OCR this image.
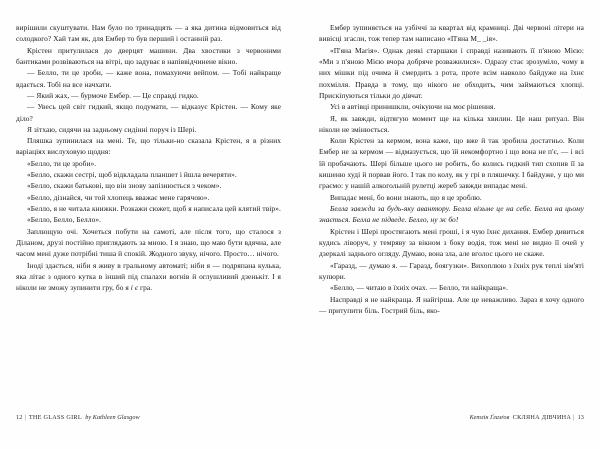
вирішили скуштувати. Нам було по тринадцять — а яка дитина відмовиться від солодкого? Хай там як, для Ембер то був перший і останній раз.

Крістен притулилася до дверцят машини. Два хвостики з червоними бантиками розвіваються на вітрі, що задуває в напіввідчинене вікно.

— Белло, ти це зроби, — каже вона, помахуючи вейпом. — Тобі найкраще вдається. Тобі на все начхати.

— Який жах, — бурмоче Ембер. — Це справді гидко.

— Увесь цей світ гидкий, якщо подумати, — відказує Крістен. — Кому яке діло?

Я зітхаю, сидячи на задньому сидінні поруч із Шері.

Пляшка зупинилася на мені. Те, що тільки-но сказала Крістен, я в різних варіаціях вислуховую щодня:

«Белло, ти це зроби».

«Белло, скажи сестрі, щоб відкладала планшет і йшла вечеряти».

«Белло, скажи батькові, що він знову запізнюється з чеком».

«Белло, дізнайся, чи той хлопець вважає мене гарячою».

«Белло, я не читала книжки. Розкажи сюжет, щоб я написала цей клятий твір».

«Белло, Белло, Белло».

Заплющую очі. Хочеться побути на самоті, але після того, що сталося з Діланом, друзі постійно приглядають за мною. І я знаю, що маю бути вдячна, але часом мені дуже потрібні тиша й спокій. Жодного звуку, нічого. Просто… нічого.

Іноді здається, ніби я живу в гральному автоматі; ніби я — подряпана кулька, яка літає з одного кутка в інший під спалахи вогнів й оглушливий дзенькіт. І я ніколи не зможу зупинити гру, бо я і є гра.

12 | THE GLASS GIRL by Kathleen Glasgow

Ембер зупиняється на узбіччі за квартал від крамниці. Дві червоні літери на вивісці згасли, тож тепер там написано «П'яна М_ _ія».

«П'яна Магія». Однак деякі старшаки і справді називають її п'яною Мією: «Ми з п'яною Мією вчора добряче розважилися». Одразу стає зрозуміло, чому в них мішки під очима й смердить з рота, проте всім навколо байдуже на їхнє похмілля. Правда в тому, що нікого не обходить, чим займаються хлопці. Прискіпуються тільки до дівчат.

Усі в автівці принишкли, очікуючи на моє рішення.

Я, як завжди, відтягую момент ще на кілька хвилин. Це наш ритуал. Він ніколи не змінюється.

Коли Крістен за кермом, вона каже, що вже й так зробила достатньо. Коли Ембер не за кермом — відмазується, що їй некомфортно і що вона не п'є, — і всі їй пробачають. Шері більше цього не робить, бо колись гидкий тип схопив її за кишеню худі й порвав його. І так по колу, як у грі в пляшечку. І байдуже, у що ми граємо: у нашій алкогольній рулетці жереб завжди випадає мені.

Випадає мені, бо вони знають, що я це зроблю.

Белла завжди за будь-яку авантюру. Белла візьме це на себе. Белла на цьому знається. Белла не підведе. Белло, ну ж бо!

Крістен і Шері простягають мені гроші, і я чую їхнє дихання. Ембер дивиться кудись ліворуч, у темряву за вікном з боку водія, тож мені не видно її очей у дзеркалі заднього огляду. Думаю, вона зла, але вголос цього не скаже.

«Гаразд, — думаю я. — Гаразд, боягузки». Вихоплюю з їхніх рук теплі зім'яті купюри.

«Белло, — читаю в їхніх очах. — Белло, ти найкраща».

Насправді я не найкраща. Я найгірша. Але це неважливо. Зараз я хочу одного — притупити біль. Гострий біль, яко-

Кетлін Ґлазґов СКЛЯНА ДІВЧИНА | 13
